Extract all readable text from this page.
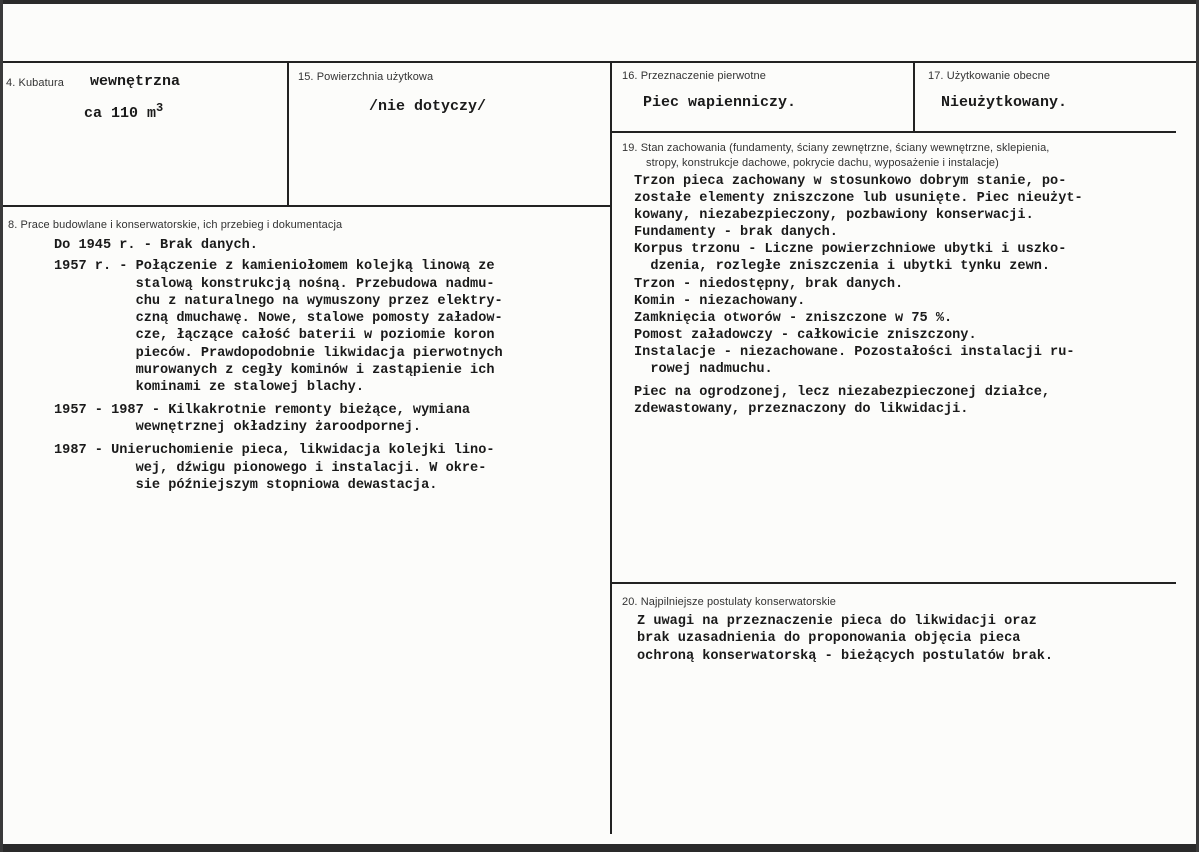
4. Kubatura wewnętrzna
ca 110 $m^3$
15. Powierzchnia użytkowa
/nie dotyczy/
16. Przeznaczenie pierwotne
Piec wapienniczy.
17. Użytkowanie obecne
Nieużytkowany.
8. Prace budowlane i konserwatorskie, ich przebieg i dokumentacja
Do 1945 r. - Brak danych.
1957 r. - Połączenie z kamieniołomem kolejką linową ze
stalową konstrukcją nośną. Przebudowa nadmu-
chu z naturalnego na wymuszony przez elektry-
czną dmuchawę. Nowe, stalowe pomosty załadow-
cze, łączące całość baterii w poziomie koron
pieców. Prawdopodobnie likwidacja pierwotnych
murowanych z cegły kominów i zastąpienie ich
kominami ze stalowej blachy.
1957 - 1987 - Kilkakrotnie remonty bieżące, wymiana
wewnętrznej okładziny żaroodpornej.
1987 - Unieruchomienie pieca, likwidacja kolejki lino-
wej, dźwigu pionowego i instalacji. W okre-
sie późniejszym stopniowa dewastacja.
19. Stan zachowania (fundamenty, ściany zewnętrzne, ściany wewnętrzne, sklepienia,
stropy, konstrukcje dachowe, pokrycie dachu, wyposażenie i instalacje)
Trzon pieca zachowany w stosunkowo dobrym stanie, po-
zostałe elementy zniszczone lub usunięte. Piec nieużyt-
kowany, niezabezpieczony, pozbawiony konserwacji.
Fundamenty - brak danych.
Korpus trzonu - Liczne powierzchniowe ubytki i uszko-
dzenia, rozległe zniszczenia i ubytki tynku zewn.
Trzon - niedostępny, brak danych.
Komin - niezachowany.
Zamknięcia otworów - zniszczone w 75 %.
Pomost załadowczy - całkowicie zniszczony.
Instalacje - niezachowane. Pozostałości instalacji ru-
rowej nadmuchu.
Piec na ogrodzonej, lecz niezabezpieczonej działce,
zdewastowany, przeznaczony do likwidacji.
20. Najpilniejsze postulaty konserwatorskie
Z uwagi na przeznaczenie pieca do likwidacji oraz
brak uzasadnienia do proponowania objęcia pieca
ochroną konserwatorską - bieżących postulatów brak.
